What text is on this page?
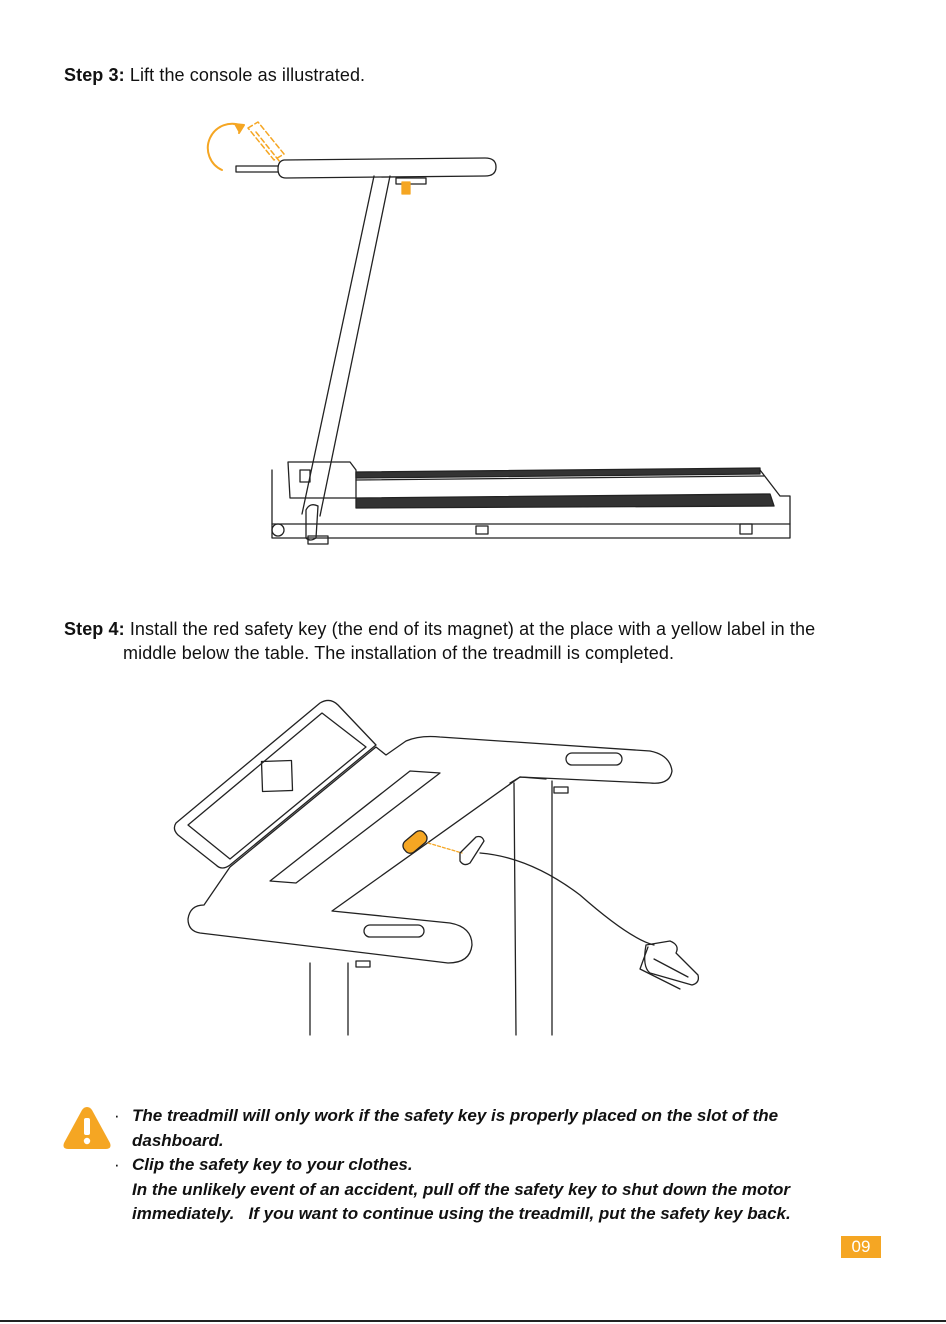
Step 3: Lift the console as illustrated.
Step 4: Install the red safety key (the end of its magnet) at the place with a yellow label in the
middle below the table. The installation of the treadmill is completed.
· The treadmill will only work if the safety key is properly placed on the slot of the
dashboard.
· Clip the safety key to your clothes.
In the unlikely event of an accident, pull off the safety key to shut down the motor
immediately.   If you want to continue using the treadmill, put the safety key back.
09
